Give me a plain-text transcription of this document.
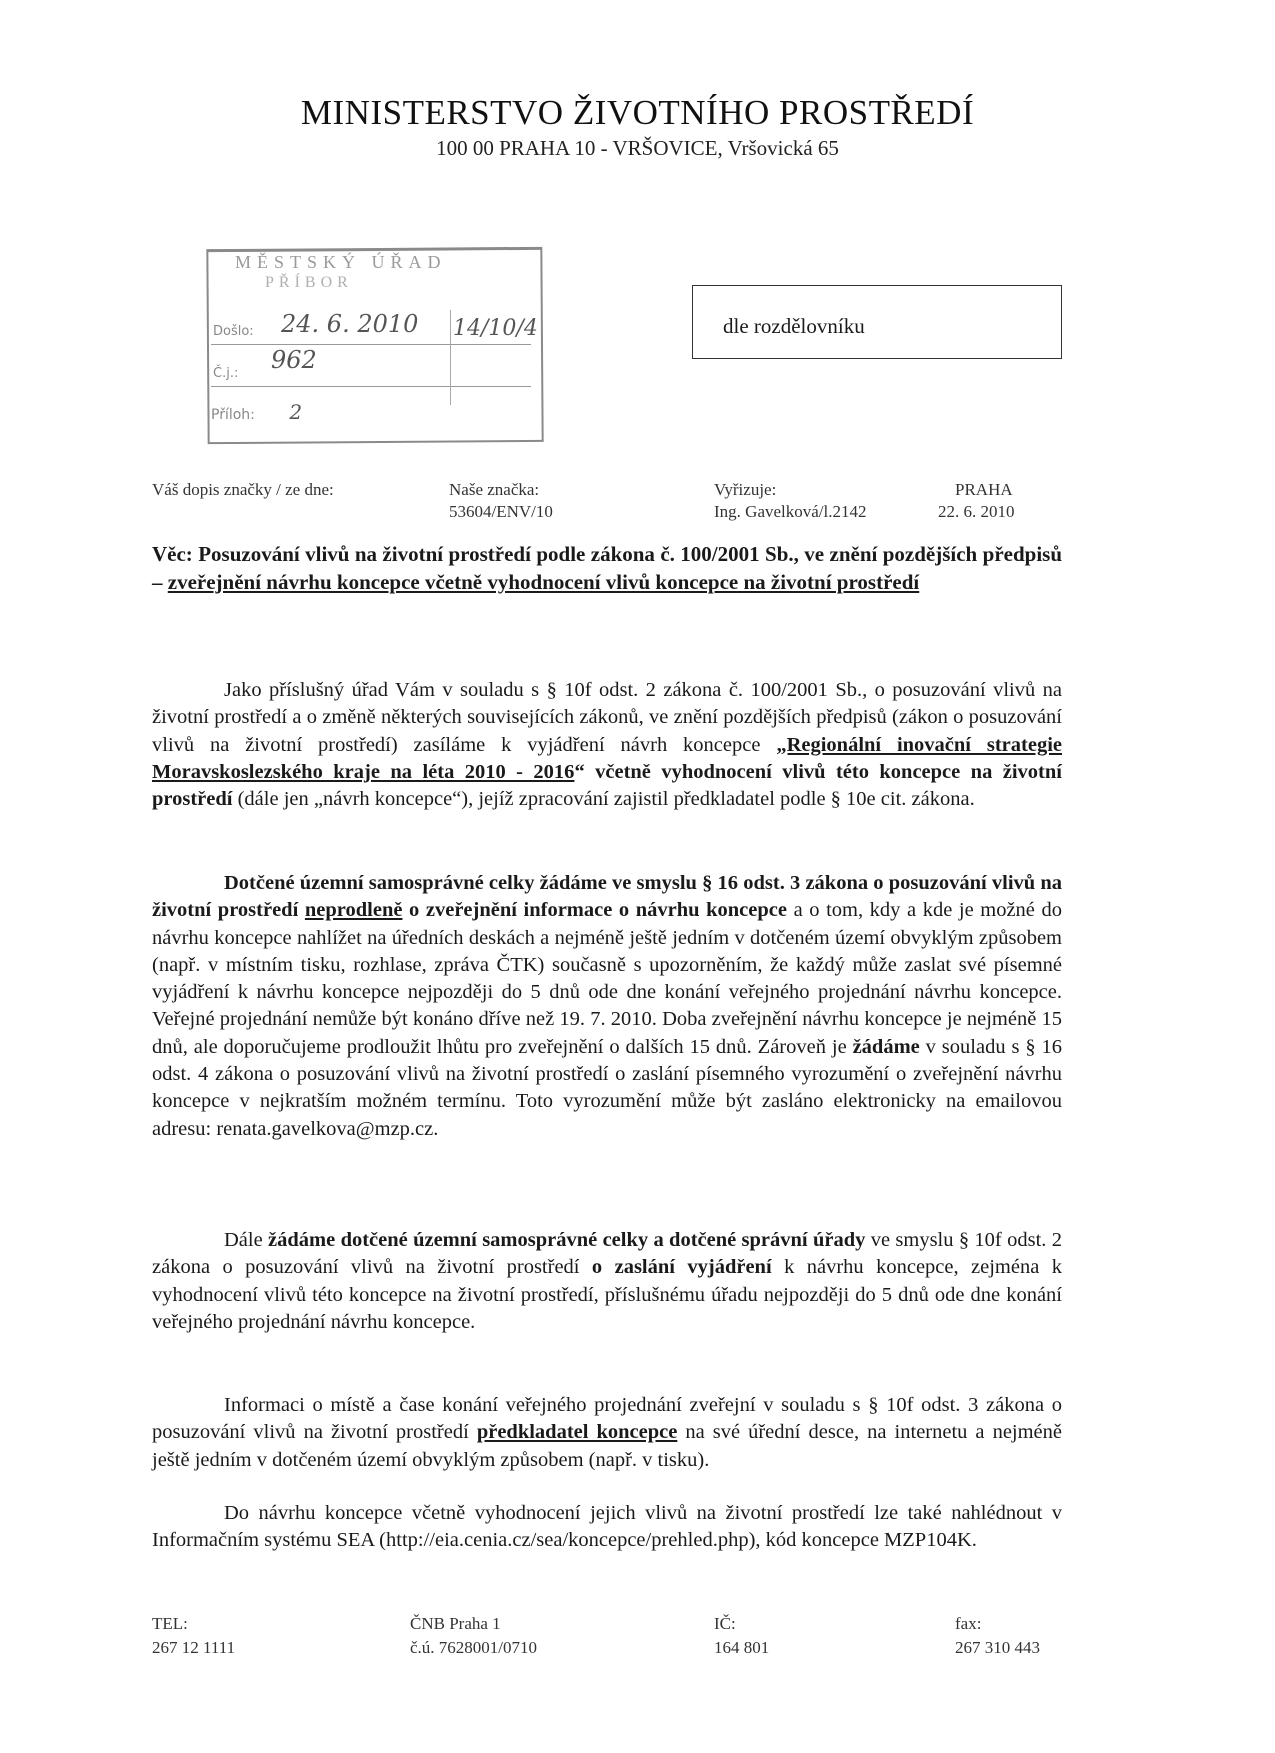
MINISTERSTVO ŽIVOTNÍHO PROSTŘEDÍ
100 00 PRAHA 10 - VRŠOVICE, Vršovická 65
MĚSTSKÝ ÚŘAD
PŘÍBOR
Došlo: 24. 6. 2010
Č.j.: 962
14/10/4
Příloh: 2
dle rozdělovníku
Váš dopis značky / ze dne:	Naše značka:
53604/ENV/10
Vyřizuje:
Ing. Gavelková/l.2142
PRAHA
22. 6. 2010
Věc: Posuzování vlivů na životní prostředí podle zákona č. 100/2001 Sb., ve znění pozdějších předpisů – zveřejnění návrhu koncepce včetně vyhodnocení vlivů koncepce na životní prostředí
Jako příslušný úřad Vám v souladu s § 10f odst. 2 zákona č. 100/2001 Sb., o posuzování vlivů na životní prostředí a o změně některých souvisejících zákonů, ve znění pozdějších předpisů (zákon o posuzování vlivů na životní prostředí) zasíláme k vyjádření návrh koncepce „Regionální inovační strategie Moravskoslezského kraje na léta 2010 - 2016“ včetně vyhodnocení vlivů této koncepce na životní prostředí (dále jen „návrh koncepce“), jejíž zpracování zajistil předkladatel podle § 10e cit. zákona.
Dotčené územní samosprávné celky žádáme ve smyslu § 16 odst. 3 zákona o posuzování vlivů na životní prostředí neprodleně o zveřejnění informace o návrhu koncepce a o tom, kdy a kde je možné do návrhu koncepce nahlížet na úředních deskách a nejméně ještě jedním v dotčeném území obvyklým způsobem (např. v místním tisku, rozhlase, zpráva ČTK) současně s upozorněním, že každý může zaslat své písemné vyjádření k návrhu koncepce nejpozději do 5 dnů ode dne konání veřejného projednání návrhu koncepce. Veřejné projednání nemůže být konáno dříve než 19. 7. 2010. Doba zveřejnění návrhu koncepce je nejméně 15 dnů, ale doporučujeme prodloužit lhůtu pro zveřejnění o dalších 15 dnů. Zároveň je žádáme v souladu s § 16 odst. 4 zákona o posuzování vlivů na životní prostředí o zaslání písemného vyrozumění o zveřejnění návrhu koncepce v nejkratším možném termínu. Toto vyrozumění může být zasláno elektronicky na emailovou adresu: renata.gavelkova@mzp.cz.
Dále žádáme dotčené územní samosprávné celky a dotčené správní úřady ve smyslu § 10f odst. 2 zákona o posuzování vlivů na životní prostředí o zaslání vyjádření k návrhu koncepce, zejména k vyhodnocení vlivů této koncepce na životní prostředí, příslušnému úřadu nejpozději do 5 dnů ode dne konání veřejného projednání návrhu koncepce.
Informaci o místě a čase konání veřejného projednání zveřejní v souladu s § 10f odst. 3 zákona o posuzování vlivů na životní prostředí předkladatel koncepce na své úřední desce, na internetu a nejméně ještě jedním v dotčeném území obvyklým způsobem (např. v tisku).
Do návrhu koncepce včetně vyhodnocení jejich vlivů na životní prostředí lze také nahlédnout v Informačním systému SEA (http://eia.cenia.cz/sea/koncepce/prehled.php), kód koncepce MZP104K.
TEL:
267 12 1111
ČNB Praha 1
č.ú. 7628001/0710
IČ:
164 801
fax:
267 310 443
